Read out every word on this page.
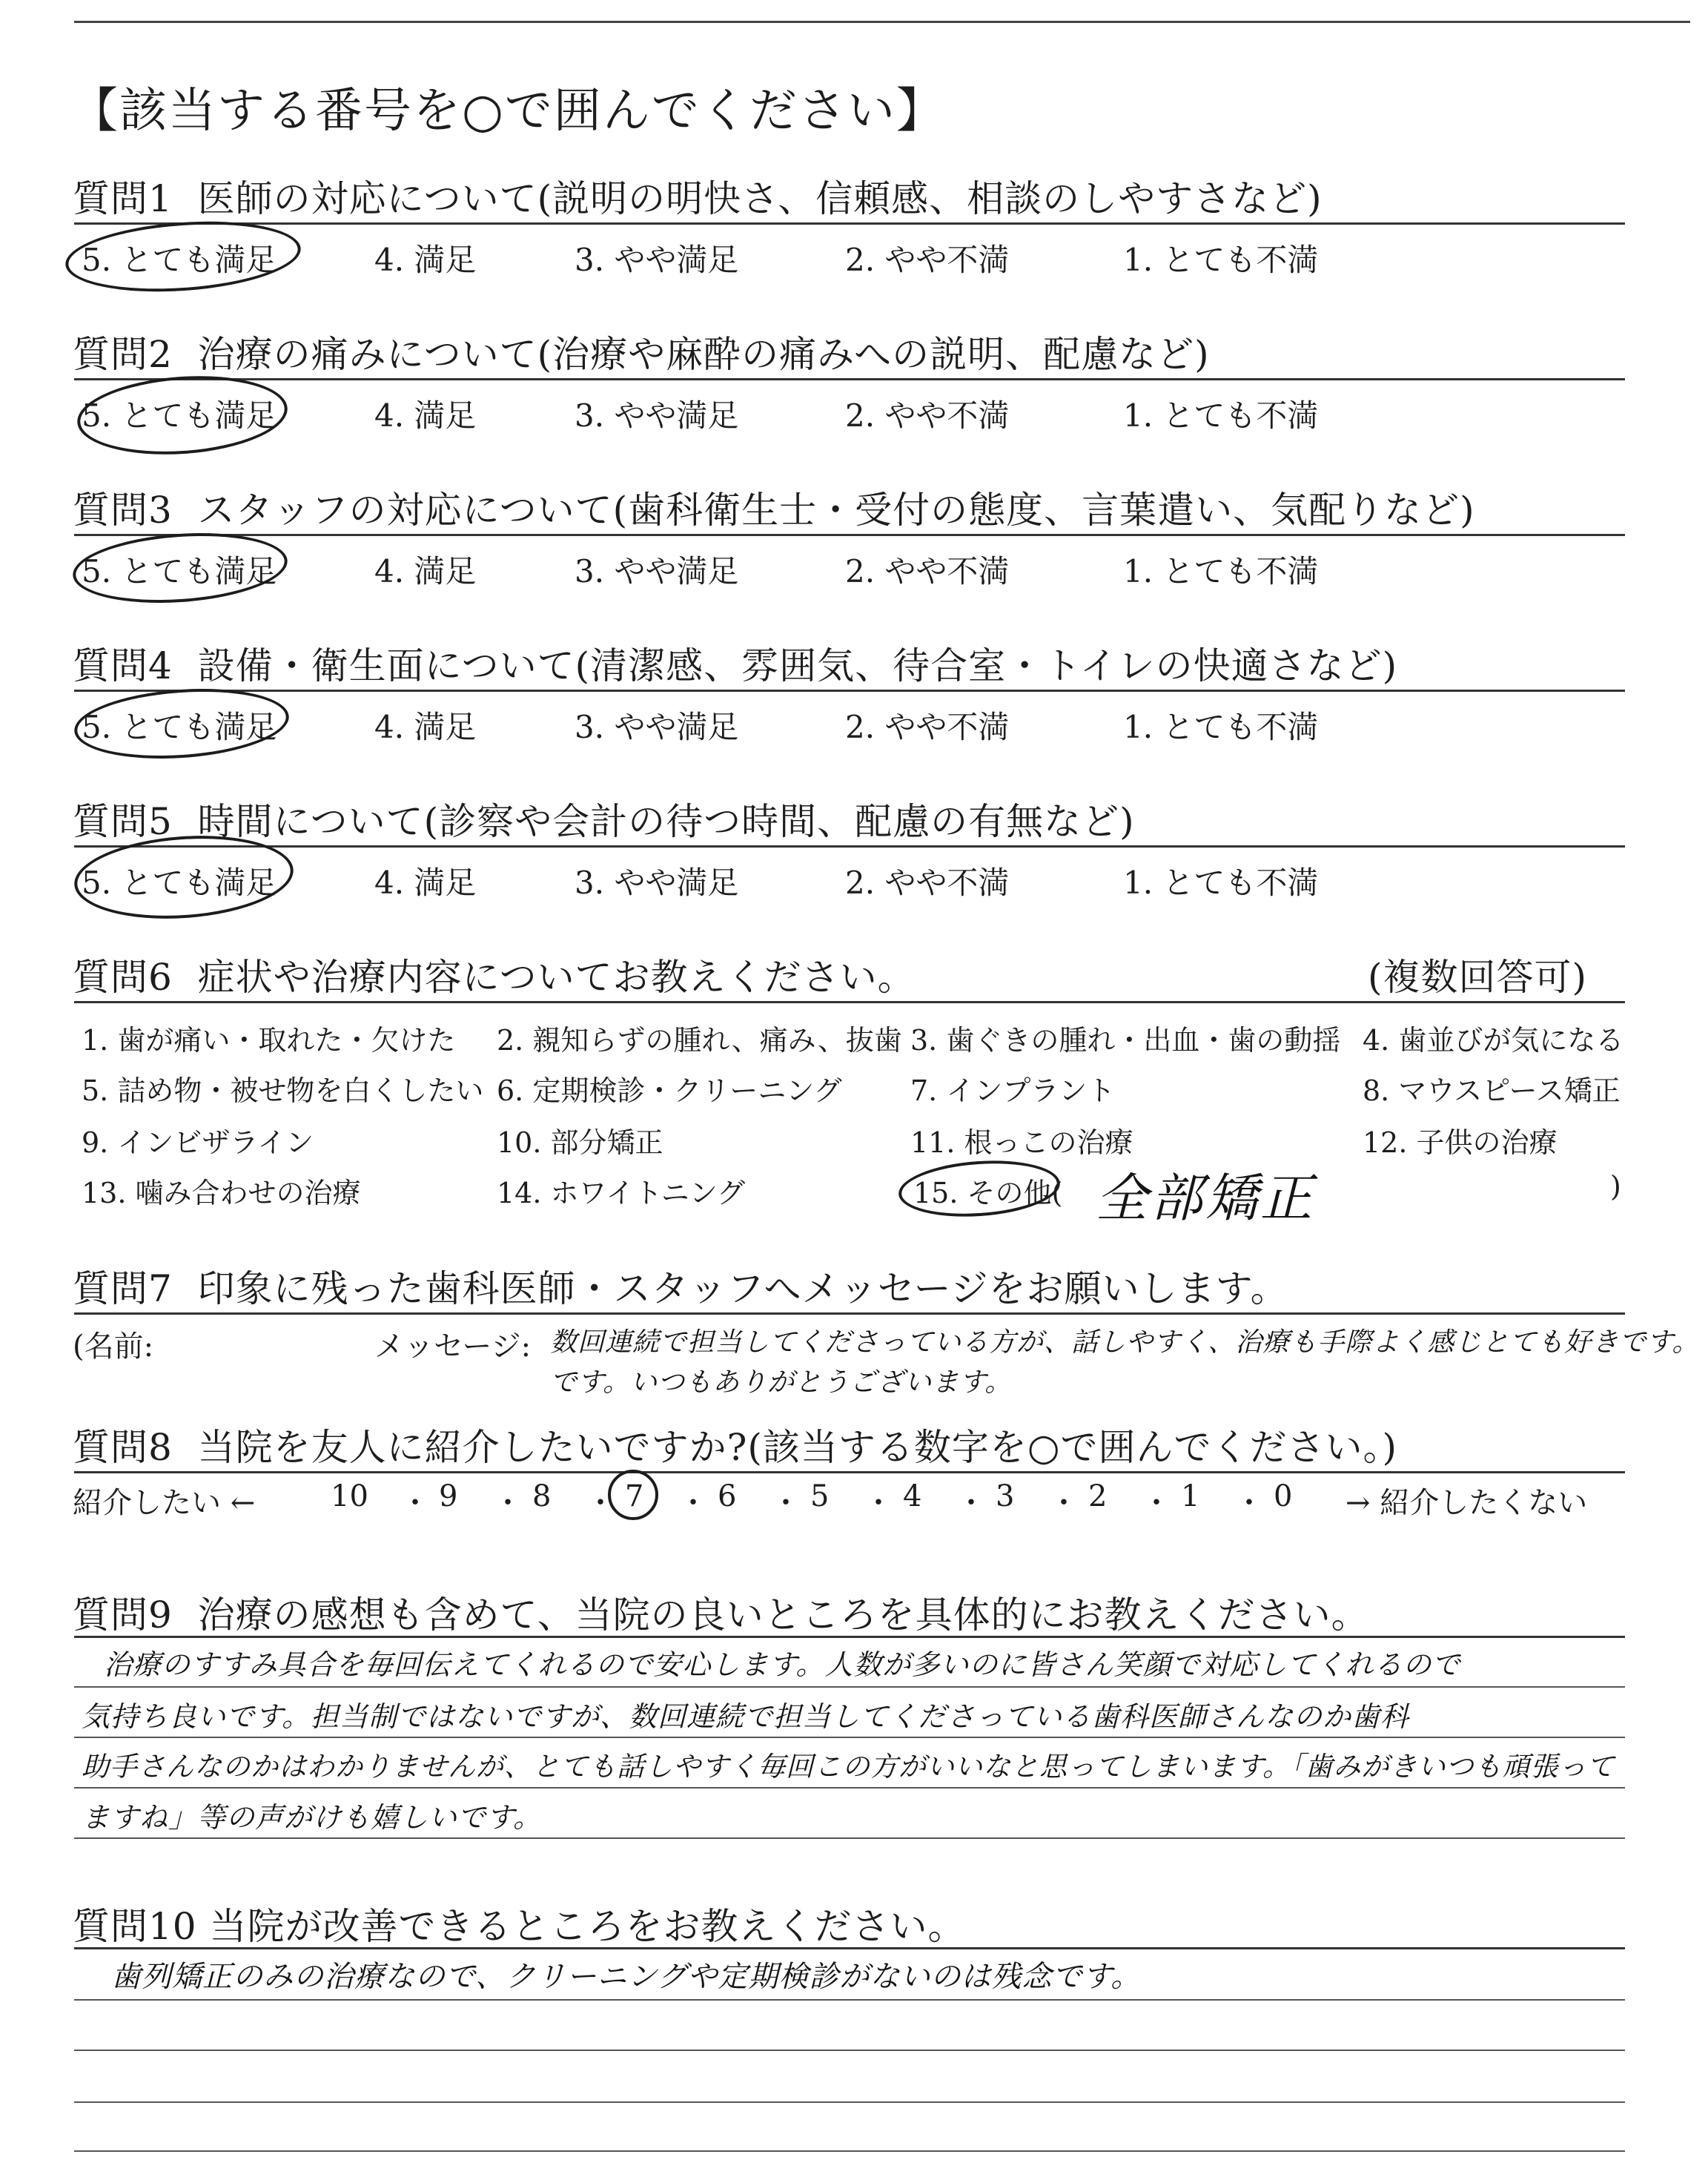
【該当する番号を○で囲んでください】
質問1 医師の対応について(説明の明快さ、信頼感、相談のしやすさなど)
5. とても満足	4. 満足	3. やや満足	2. やや不満	1. とても不満
質問2 治療の痛みについて(治療や麻酔の痛みへの説明、配慮など)
5. とても満足	4. 満足	3. やや満足	2. やや不満	1. とても不満
質問3 スタッフの対応について(歯科衛生士・受付の態度、言葉遣い、気配りなど)
5. とても満足	4. 満足	3. やや満足	2. やや不満	1. とても不満
質問4 設備・衛生面について(清潔感、雰囲気、待合室・トイレの快適さなど)
5. とても満足	4. 満足	3. やや満足	2. やや不満	1. とても不満
質問5 時間について(診察や会計の待つ時間、配慮の有無など)
5. とても満足	4. 満足	3. やや満足	2. やや不満	1. とても不満
質問6 症状や治療内容についてお教えください。	(複数回答可)
1. 歯が痛い・取れた・欠けた 2. 親知らずの腫れ、痛み、抜歯 3. 歯ぐきの腫れ・出血・歯の動揺 4. 歯並びが気になる
5. 詰め物・被せ物を白くしたい 6. 定期検診・クリーニング 7. インプラント	8. マウスピース矯正
9. インビザライン	10. 部分矯正	11. 根っこの治療	12. 子供の治療
13. 噛み合わせの治療	14. ホワイトニング	15. その他(	)
全部矯正
質問7 印象に残った歯科医師・スタッフへメッセージをお願いします。
(名前:	メッセージ: 数回連続で担当してくださっている方が、話しやすく、治療も手際よく感じとても好きです。
です。いつもありがとうございます。
質問8 当院を友人に紹介したいですか?(該当する数字を○で囲んでください。)
紹介したい ←	→ 紹介したくない
10 ・ 9 ・ 8 ・ 7 ・ 6 ・ 5 ・ 4 ・ 3 ・ 2 ・ 1 ・ 0
質問9 治療の感想も含めて、当院の良いところを具体的にお教えください。
治療のすすみ具合を毎回伝えてくれるので安心します。人数が多いのに皆さん笑顔で対応してくれるので
気持ち良いです。担当制ではないですが、数回連続で担当してくださっている歯科医師さんなのか歯科
助手さんなのかはわかりませんが、とても話しやすく毎回この方がいいなと思ってしまいます。「歯みがきいつも頑張って
ますね」等の声がけも嬉しいです。
質問10 当院が改善できるところをお教えください。
歯列矯正のみの治療なので、クリーニングや定期検診がないのは残念です。
